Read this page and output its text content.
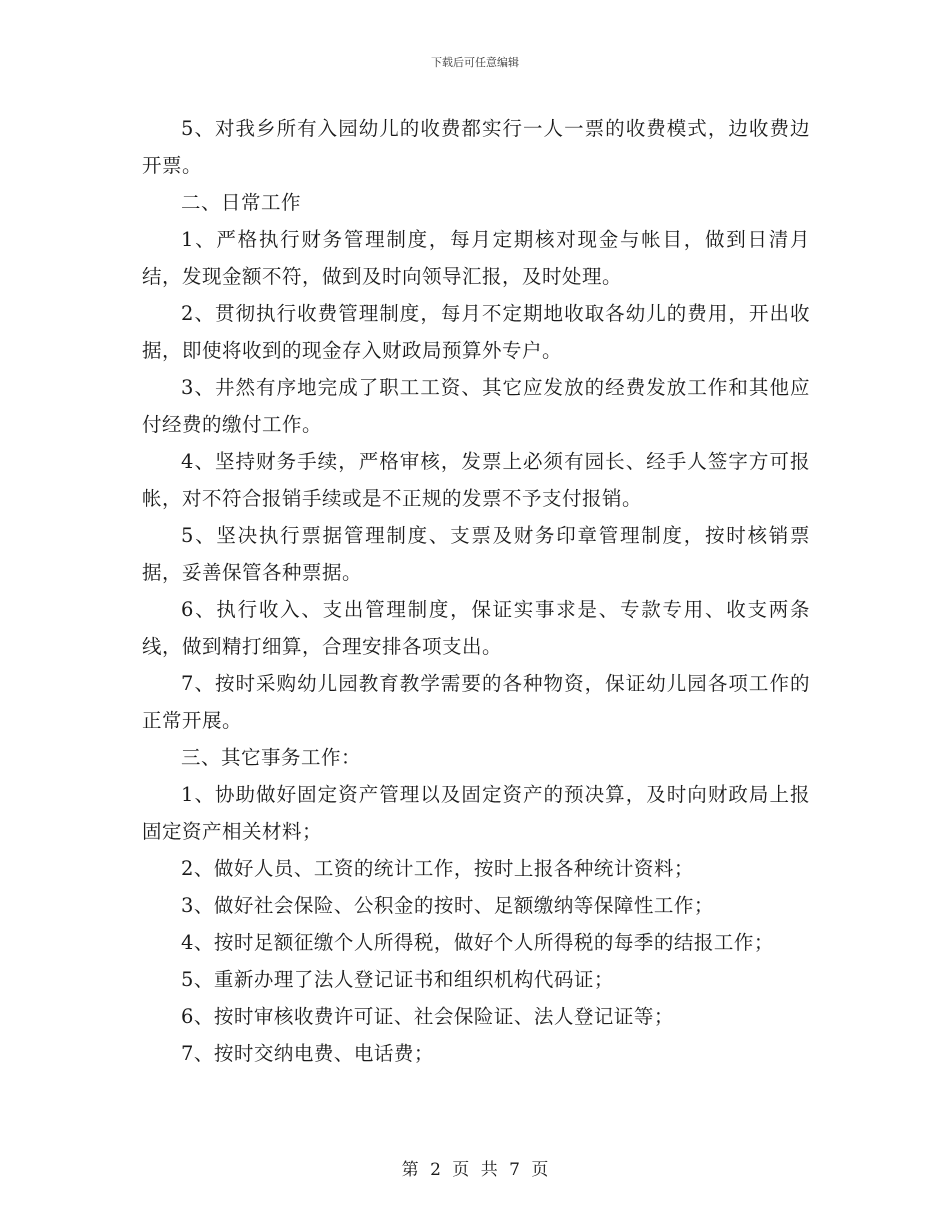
下载后可任意编辑

5、对我乡所有入园幼儿的收费都实行一人一票的收费模式，边收费边开票。

二、日常工作

1、严格执行财务管理制度，每月定期核对现金与帐目，做到日清月结，发现金额不符，做到及时向领导汇报，及时处理。

2、贯彻执行收费管理制度，每月不定期地收取各幼儿的费用，开出收据，即使将收到的现金存入财政局预算外专户。

3、井然有序地完成了职工工资、其它应发放的经费发放工作和其他应付经费的缴付工作。

4、坚持财务手续，严格审核，发票上必须有园长、经手人签字方可报帐，对不符合报销手续或是不正规的发票不予支付报销。

5、坚决执行票据管理制度、支票及财务印章管理制度，按时核销票据，妥善保管各种票据。

6、执行收入、支出管理制度，保证实事求是、专款专用、收支两条线，做到精打细算，合理安排各项支出。

7、按时采购幼儿园教育教学需要的各种物资，保证幼儿园各项工作的正常开展。

三、其它事务工作：

1、协助做好固定资产管理以及固定资产的预决算，及时向财政局上报固定资产相关材料；

2、做好人员、工资的统计工作，按时上报各种统计资料；

3、做好社会保险、公积金的按时、足额缴纳等保障性工作；

4、按时足额征缴个人所得税，做好个人所得税的每季的结报工作；

5、重新办理了法人登记证书和组织机构代码证；

6、按时审核收费许可证、社会保险证、法人登记证等；

7、按时交纳电费、电话费；

第 2 页 共 7 页
